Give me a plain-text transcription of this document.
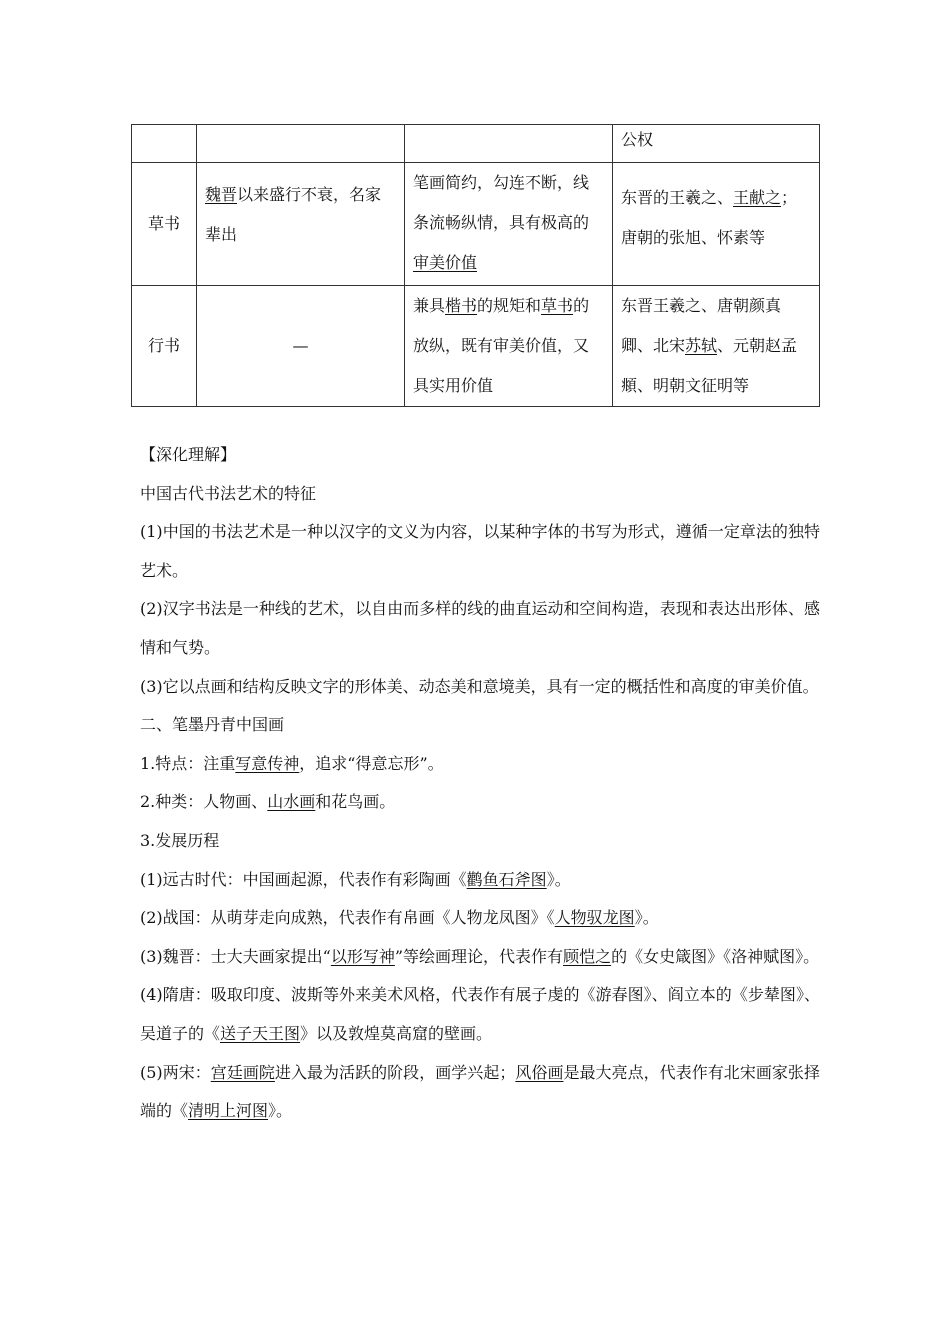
			公权
草书	魏晋以来盛行不衰，名家辈出	笔画简约，勾连不断，线条流畅纵情，具有极高的审美价值	东晋的王羲之、王献之；唐朝的张旭、怀素等
行书	—	兼具楷书的规矩和草书的放纵，既有审美价值，又具实用价值	东晋王羲之、唐朝颜真卿、北宋苏轼、元朝赵孟頫、明朝文征明等

【深化理解】

中国古代书法艺术的特征

(1)中国的书法艺术是一种以汉字的文义为内容，以某种字体的书写为形式，遵循一定章法的独特艺术。

(2)汉字书法是一种线的艺术，以自由而多样的线的曲直运动和空间构造，表现和表达出形体、感情和气势。

(3)它以点画和结构反映文字的形体美、动态美和意境美，具有一定的概括性和高度的审美价值。

二、笔墨丹青中国画

1.特点：注重写意传神，追求“得意忘形”。

2.种类：人物画、山水画和花鸟画。

3.发展历程

(1)远古时代：中国画起源，代表作有彩陶画《鹳鱼石斧图》。

(2)战国：从萌芽走向成熟，代表作有帛画《人物龙凤图》《人物驭龙图》。

(3)魏晋：士大夫画家提出“以形写神”等绘画理论，代表作有顾恺之的《女史箴图》《洛神赋图》。

(4)隋唐：吸取印度、波斯等外来美术风格，代表作有展子虔的《游春图》、阎立本的《步辇图》、吴道子的《送子天王图》以及敦煌莫高窟的壁画。

(5)两宋：宫廷画院进入最为活跃的阶段，画学兴起；风俗画是最大亮点，代表作有北宋画家张择端的《清明上河图》。
